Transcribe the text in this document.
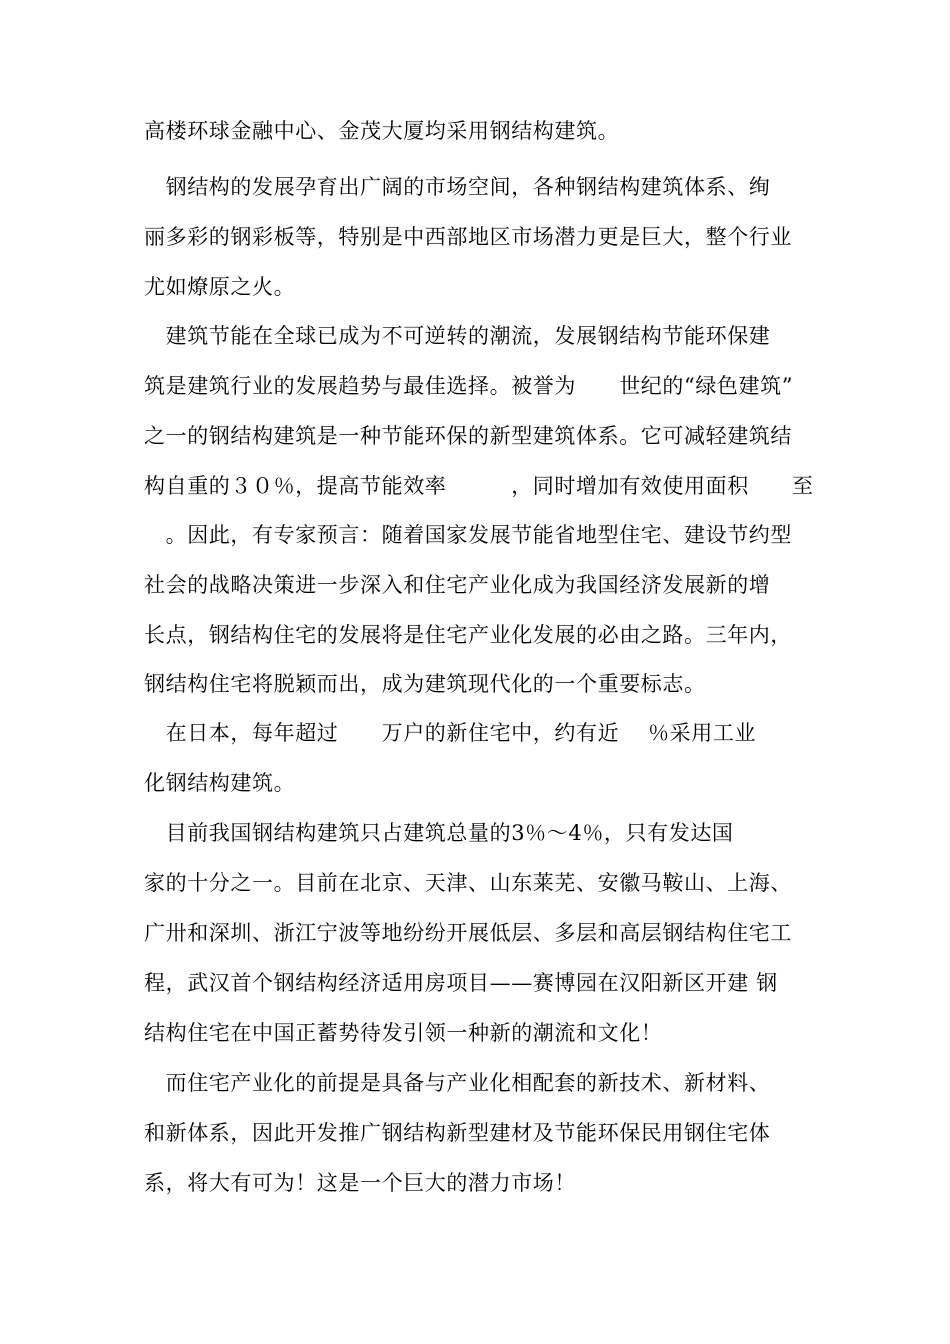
高楼环球金融中心、金茂大厦均采用钢结构建筑。
　钢结构的发展孕育出广阔的市场空间，各种钢结构建筑体系、绚
丽多彩的钢彩板等，特别是中西部地区市场潜力更是巨大，整个行业
尤如燎原之火。
　建筑节能在全球已成为不可逆转的潮流，发展钢结构节能环保建
筑是建筑行业的发展趋势与最佳选择。被誉为　　世纪的“绿色建筑”
之一的钢结构建筑是一种节能环保的新型建筑体系。它可减轻建筑结
构自重的３０％，提高节能效率　　　，同时增加有效使用面积　　至
　。因此，有专家预言：随着国家发展节能省地型住宅、建设节约型
社会的战略决策进一步深入和住宅产业化成为我国经济发展新的增
长点，钢结构住宅的发展将是住宅产业化发展的必由之路。三年内，
钢结构住宅将脱颖而出，成为建筑现代化的一个重要标志。
　在日本，每年超过　　万户的新住宅中，约有近　 ％采用工业
化钢结构建筑。
　目前我国钢结构建筑只占建筑总量的3％～4％，只有发达国
家的十分之一。目前在北京、天津、山东莱芜、安徽马鞍山、上海、
广卅和深圳、浙江宁波等地纷纷开展低层、多层和高层钢结构住宅工
程，武汉首个钢结构经济适用房项目——赛博园在汉阳新区开建 钢
结构住宅在中国正蓄势待发引领一种新的潮流和文化！
　而住宅产业化的前提是具备与产业化相配套的新技术、新材料、
和新体系，因此开发推广钢结构新型建材及节能环保民用钢住宅体
系，将大有可为！这是一个巨大的潜力市场！
